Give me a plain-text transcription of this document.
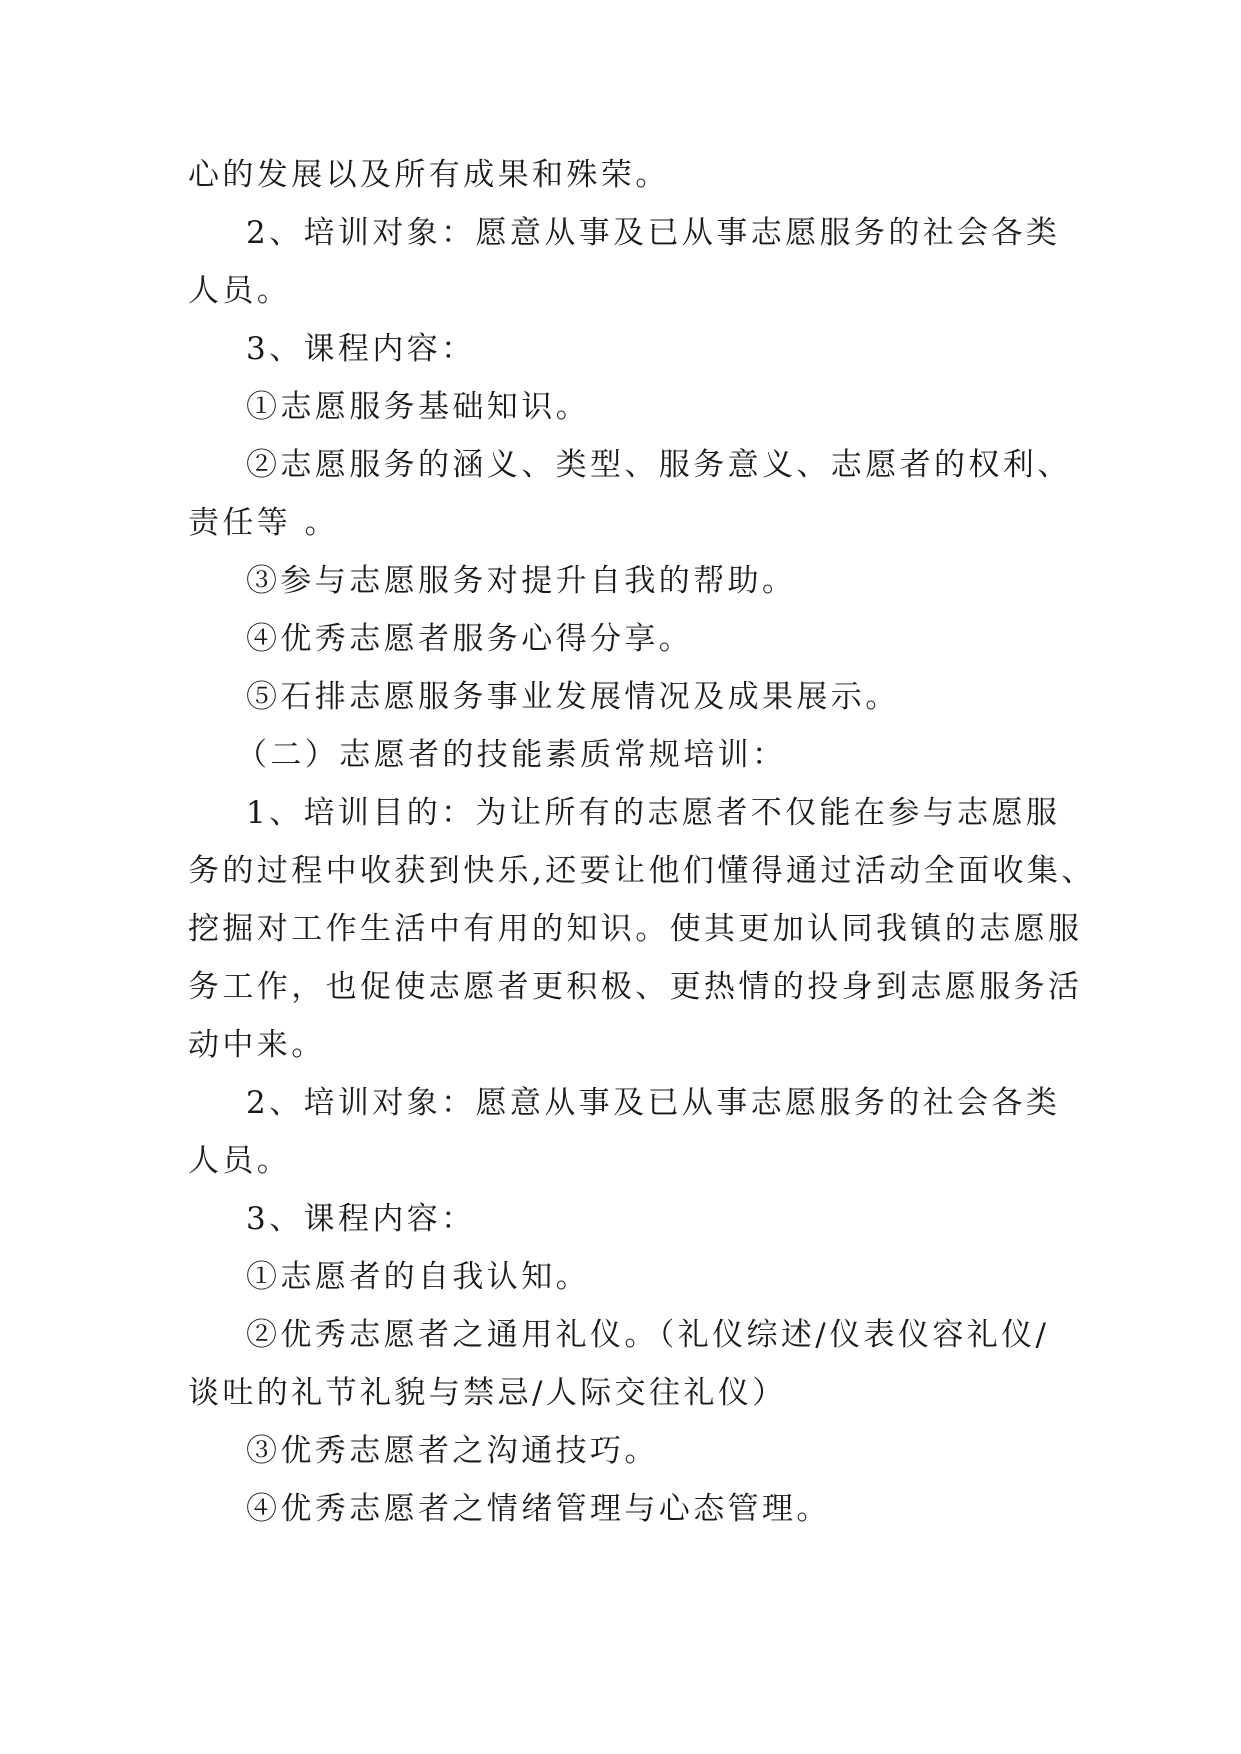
心的发展以及所有成果和殊荣。
2、培训对象：愿意从事及已从事志愿服务的社会各类
人员。
3、课程内容：
①志愿服务基础知识。
②志愿服务的涵义、类型、服务意义、志愿者的权利、
责任等 。
③参与志愿服务对提升自我的帮助。
④优秀志愿者服务心得分享。
⑤石排志愿服务事业发展情况及成果展示。
（二）志愿者的技能素质常规培训：
1、培训目的：为让所有的志愿者不仅能在参与志愿服
务的过程中收获到快乐,还要让他们懂得通过活动全面收集、
挖掘对工作生活中有用的知识。使其更加认同我镇的志愿服
务工作，也促使志愿者更积极、更热情的投身到志愿服务活
动中来。
2、培训对象：愿意从事及已从事志愿服务的社会各类
人员。
3、课程内容：
①志愿者的自我认知。
②优秀志愿者之通用礼仪。（礼仪综述/仪表仪容礼仪/
谈吐的礼节礼貌与禁忌/人际交往礼仪）
③优秀志愿者之沟通技巧。
④优秀志愿者之情绪管理与心态管理。
